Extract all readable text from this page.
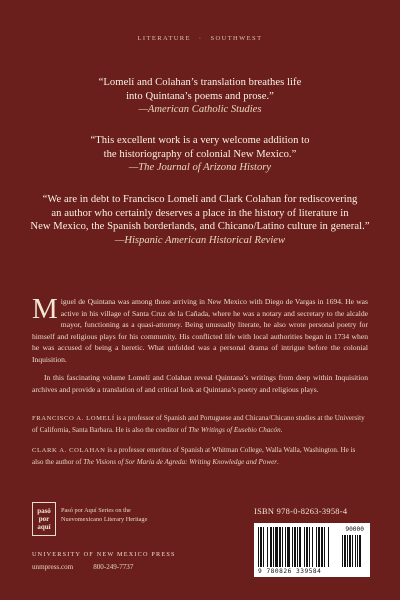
LITERATURE · SOUTHWEST
“Lomelí and Colahan’s translation breathes life
into Quintana’s poems and prose.”
—American Catholic Studies
“This excellent work is a very welcome addition to
the historiography of colonial New Mexico.”
—The Journal of Arizona History
“We are in debt to Francisco Lomelí and Clark Colahan for rediscovering
an author who certainly deserves a place in the history of literature in
New Mexico, the Spanish borderlands, and Chicano/Latino culture in general.”
—Hispanic American Historical Review
Miguel de Quintana was among those arriving in New Mexico with Diego de Vargas in 1694. He was active in his village of Santa Cruz de la Cañada, where he was a notary and secretary to the alcalde mayor, functioning as a quasi-attorney. Being unusually literate, he also wrote personal poetry for himself and religious plays for his community. His conflicted life with local authorities began in 1734 when he was accused of being a heretic. What unfolded was a personal drama of intrigue before the colonial Inquisition.
In this fascinating volume Lomelí and Colahan reveal Quintana’s writings from deep within Inquisition archives and provide a translation of and critical look at Quintana’s poetry and religious plays.
FRANCISCO A. LOMELÍ is a professor of Spanish and Portuguese and Chicana/Chicano studies at the University of California, Santa Barbara. He is also the coeditor of The Writings of Eusebio Chacón.
CLARK A. COLAHAN is a professor emeritus of Spanish at Whitman College, Walla Walla, Washington. He is also the author of The Visions of Sor María de Agreda: Writing Knowledge and Power.
pasó
por
aquí
Pasó por Aquí Series on the
Nuevomexicano Literary Heritage
UNIVERSITY OF NEW MEXICO PRESS
unmpress.com	800-249-7737
ISBN 978-0-8263-3958-4
90000
9 780826 339584
